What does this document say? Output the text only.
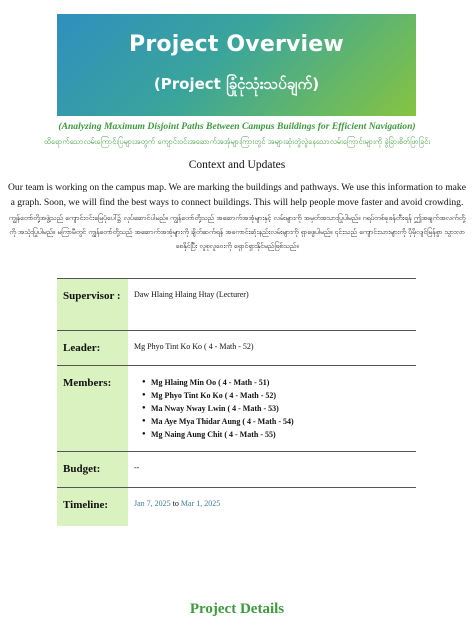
Project Overview
(Project ခြုံငုံသုံးသပ်ချက်)
(Analyzing Maximum Disjoint Paths Between Campus Buildings for Efficient Navigation)
ထိရောက်သောလမ်းကြောင်းပြများအတွက် ကျောင်းဝင်းအဆောက်အအုံများကြားတွင် အများဆုံးတွဲလွဲနေသောလမ်းကြောင်းများကို ခွဲခြားစိတ်ဖြာခြင်း
Context and Updates
Our team is working on the campus map. We are marking the buildings and pathways. We use this information to make a graph. Soon, we will find the best ways to connect buildings. This will help people move faster and avoid crowding.
ကျွန်တော်တို့အဖွဲ့သည် ကျောင်းဝင်းမြေပုံပေါ်၌ လုပ်ဆောင်ပါမည်။ ကျွန်တော်တို့သည် အဆောက်အအုံများနှင့် လမ်းများကို အမှတ်အသားပြုပါမည်။ ဂရပ်တစ်ခုဖန်တီးရန် ဤအချက်အလက်တို့ကို အသုံးပြုပါမည်။ မကြာမီတွင် ကျွန်တော်တို့သည် အဆောက်အအုံများကို ချိတ်ဆက်ရန် အကောင်းဆုံးနည်းလမ်းများကို ရှာဖွေပါမည်။ ၎င်းသည် ကျောင်းသားများကို ပိုမိုလျင်မြန်စွာ သွားလာစေနိုင်ပြီး လူစုလူဝေးကို ရှောင်ရှားနိုင်မည်ဖြစ်သည်။
Supervisor :	Daw Hlaing Hlaing Htay (Lecturer)
Leader:	Mg Phyo Tint Ko Ko ( 4 - Math - 52)
Members:
●	Mg Hlaing Min Oo ( 4 - Math - 51)
● Mg Phyo Tint Ko Ko ( 4 - Math - 52)
● Ma Nway Nway Lwin ( 4 - Math - 53)
● Ma Aye Mya Thidar Aung ( 4 - Math - 54)
● Mg Naing Aung Chit ( 4 - Math - 55)
Budget:	--
Timeline:	Jan 7, 2025 to Mar 1, 2025
Project Details
